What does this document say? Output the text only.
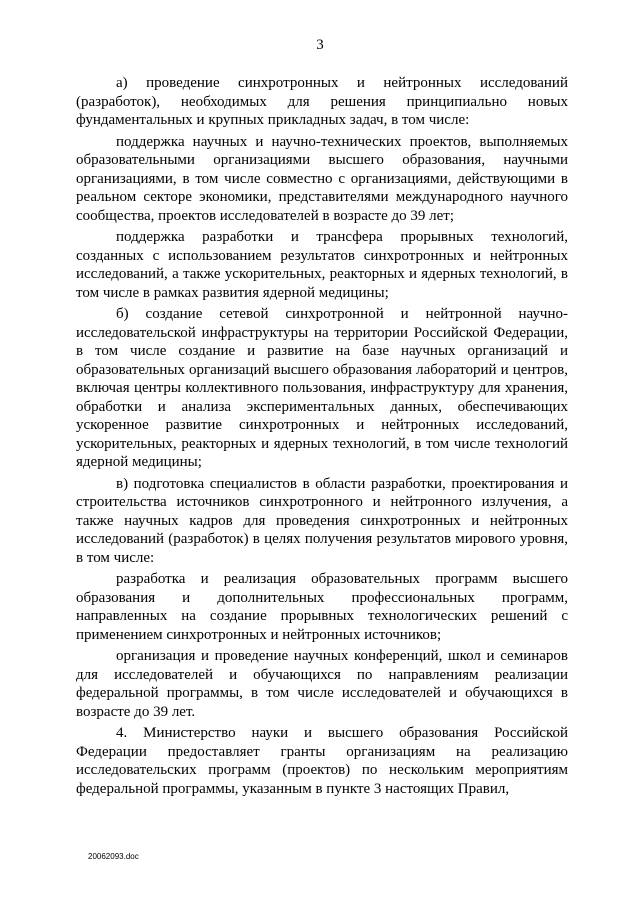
3

а) проведение синхротронных и нейтронных исследований (разработок), необходимых для решения принципиально новых фундаментальных и крупных прикладных задач, в том числе:

поддержка научных и научно-технических проектов, выполняемых образовательными организациями высшего образования, научными организациями, в том числе совместно с организациями, действующими в реальном секторе экономики, представителями международного научного сообщества, проектов исследователей в возрасте до 39 лет;

поддержка разработки и трансфера прорывных технологий, созданных с использованием результатов синхротронных и нейтронных исследований, а также ускорительных, реакторных и ядерных технологий, в том числе в рамках развития ядерной медицины;

б) создание сетевой синхротронной и нейтронной научно-исследовательской инфраструктуры на территории Российской Федерации, в том числе создание и развитие на базе научных организаций и образовательных организаций высшего образования лабораторий и центров, включая центры коллективного пользования, инфраструктуру для хранения, обработки и анализа экспериментальных данных, обеспечивающих ускоренное развитие синхротронных и нейтронных исследований, ускорительных, реакторных и ядерных технологий, в том числе технологий ядерной медицины;

в) подготовка специалистов в области разработки, проектирования и строительства источников синхротронного и нейтронного излучения, а также научных кадров для проведения синхротронных и нейтронных исследований (разработок) в целях получения результатов мирового уровня, в том числе:

разработка и реализация образовательных программ высшего образования и дополнительных профессиональных программ, направленных на создание прорывных технологических решений с применением синхротронных и нейтронных источников;

организация и проведение научных конференций, школ и семинаров для исследователей и обучающихся по направлениям реализации федеральной программы, в том числе исследователей и обучающихся в возрасте до 39 лет.

4. Министерство науки и высшего образования Российской Федерации предоставляет гранты организациям на реализацию исследовательских программ (проектов) по нескольким мероприятиям федеральной программы, указанным в пункте 3 настоящих Правил,

20062093.doc
